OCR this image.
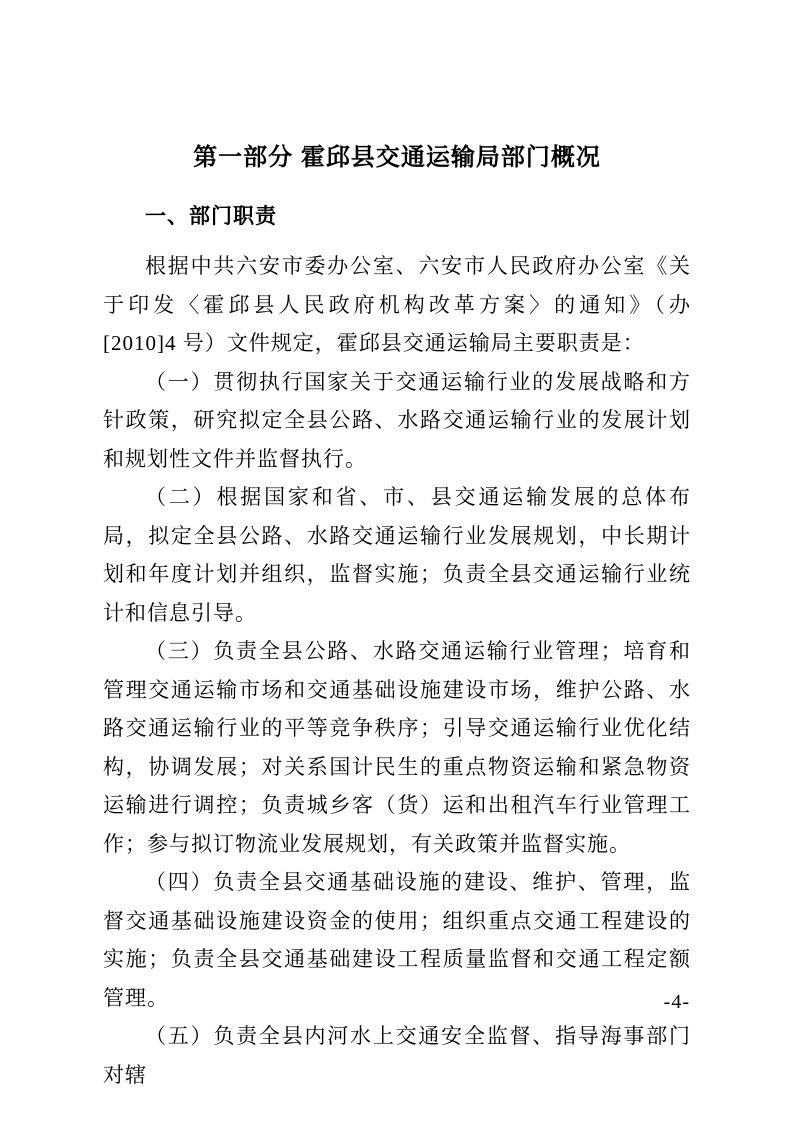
第一部分 霍邱县交通运输局部门概况
一、部门职责

根据中共六安市委办公室、六安市人民政府办公室《关于印发〈霍邱县人民政府机构改革方案〉的通知》（办[2010]4 号）文件规定，霍邱县交通运输局主要职责是：

（一）贯彻执行国家关于交通运输行业的发展战略和方针政策，研究拟定全县公路、水路交通运输行业的发展计划和规划性文件并监督执行。

（二）根据国家和省、市、县交通运输发展的总体布局，拟定全县公路、水路交通运输行业发展规划，中长期计划和年度计划并组织，监督实施；负责全县交通运输行业统计和信息引导。

（三）负责全县公路、水路交通运输行业管理；培育和管理交通运输市场和交通基础设施建设市场，维护公路、水路交通运输行业的平等竞争秩序；引导交通运输行业优化结构，协调发展；对关系国计民生的重点物资运输和紧急物资运输进行调控；负责城乡客（货）运和出租汽车行业管理工作；参与拟订物流业发展规划，有关政策并监督实施。

（四）负责全县交通基础设施的建设、维护、管理，监督交通基础设施建设资金的使用；组织重点交通工程建设的实施；负责全县交通基础建设工程质量监督和交通工程定额管理。

（五）负责全县内河水上交通安全监督、指导海事部门对辖

-4-
